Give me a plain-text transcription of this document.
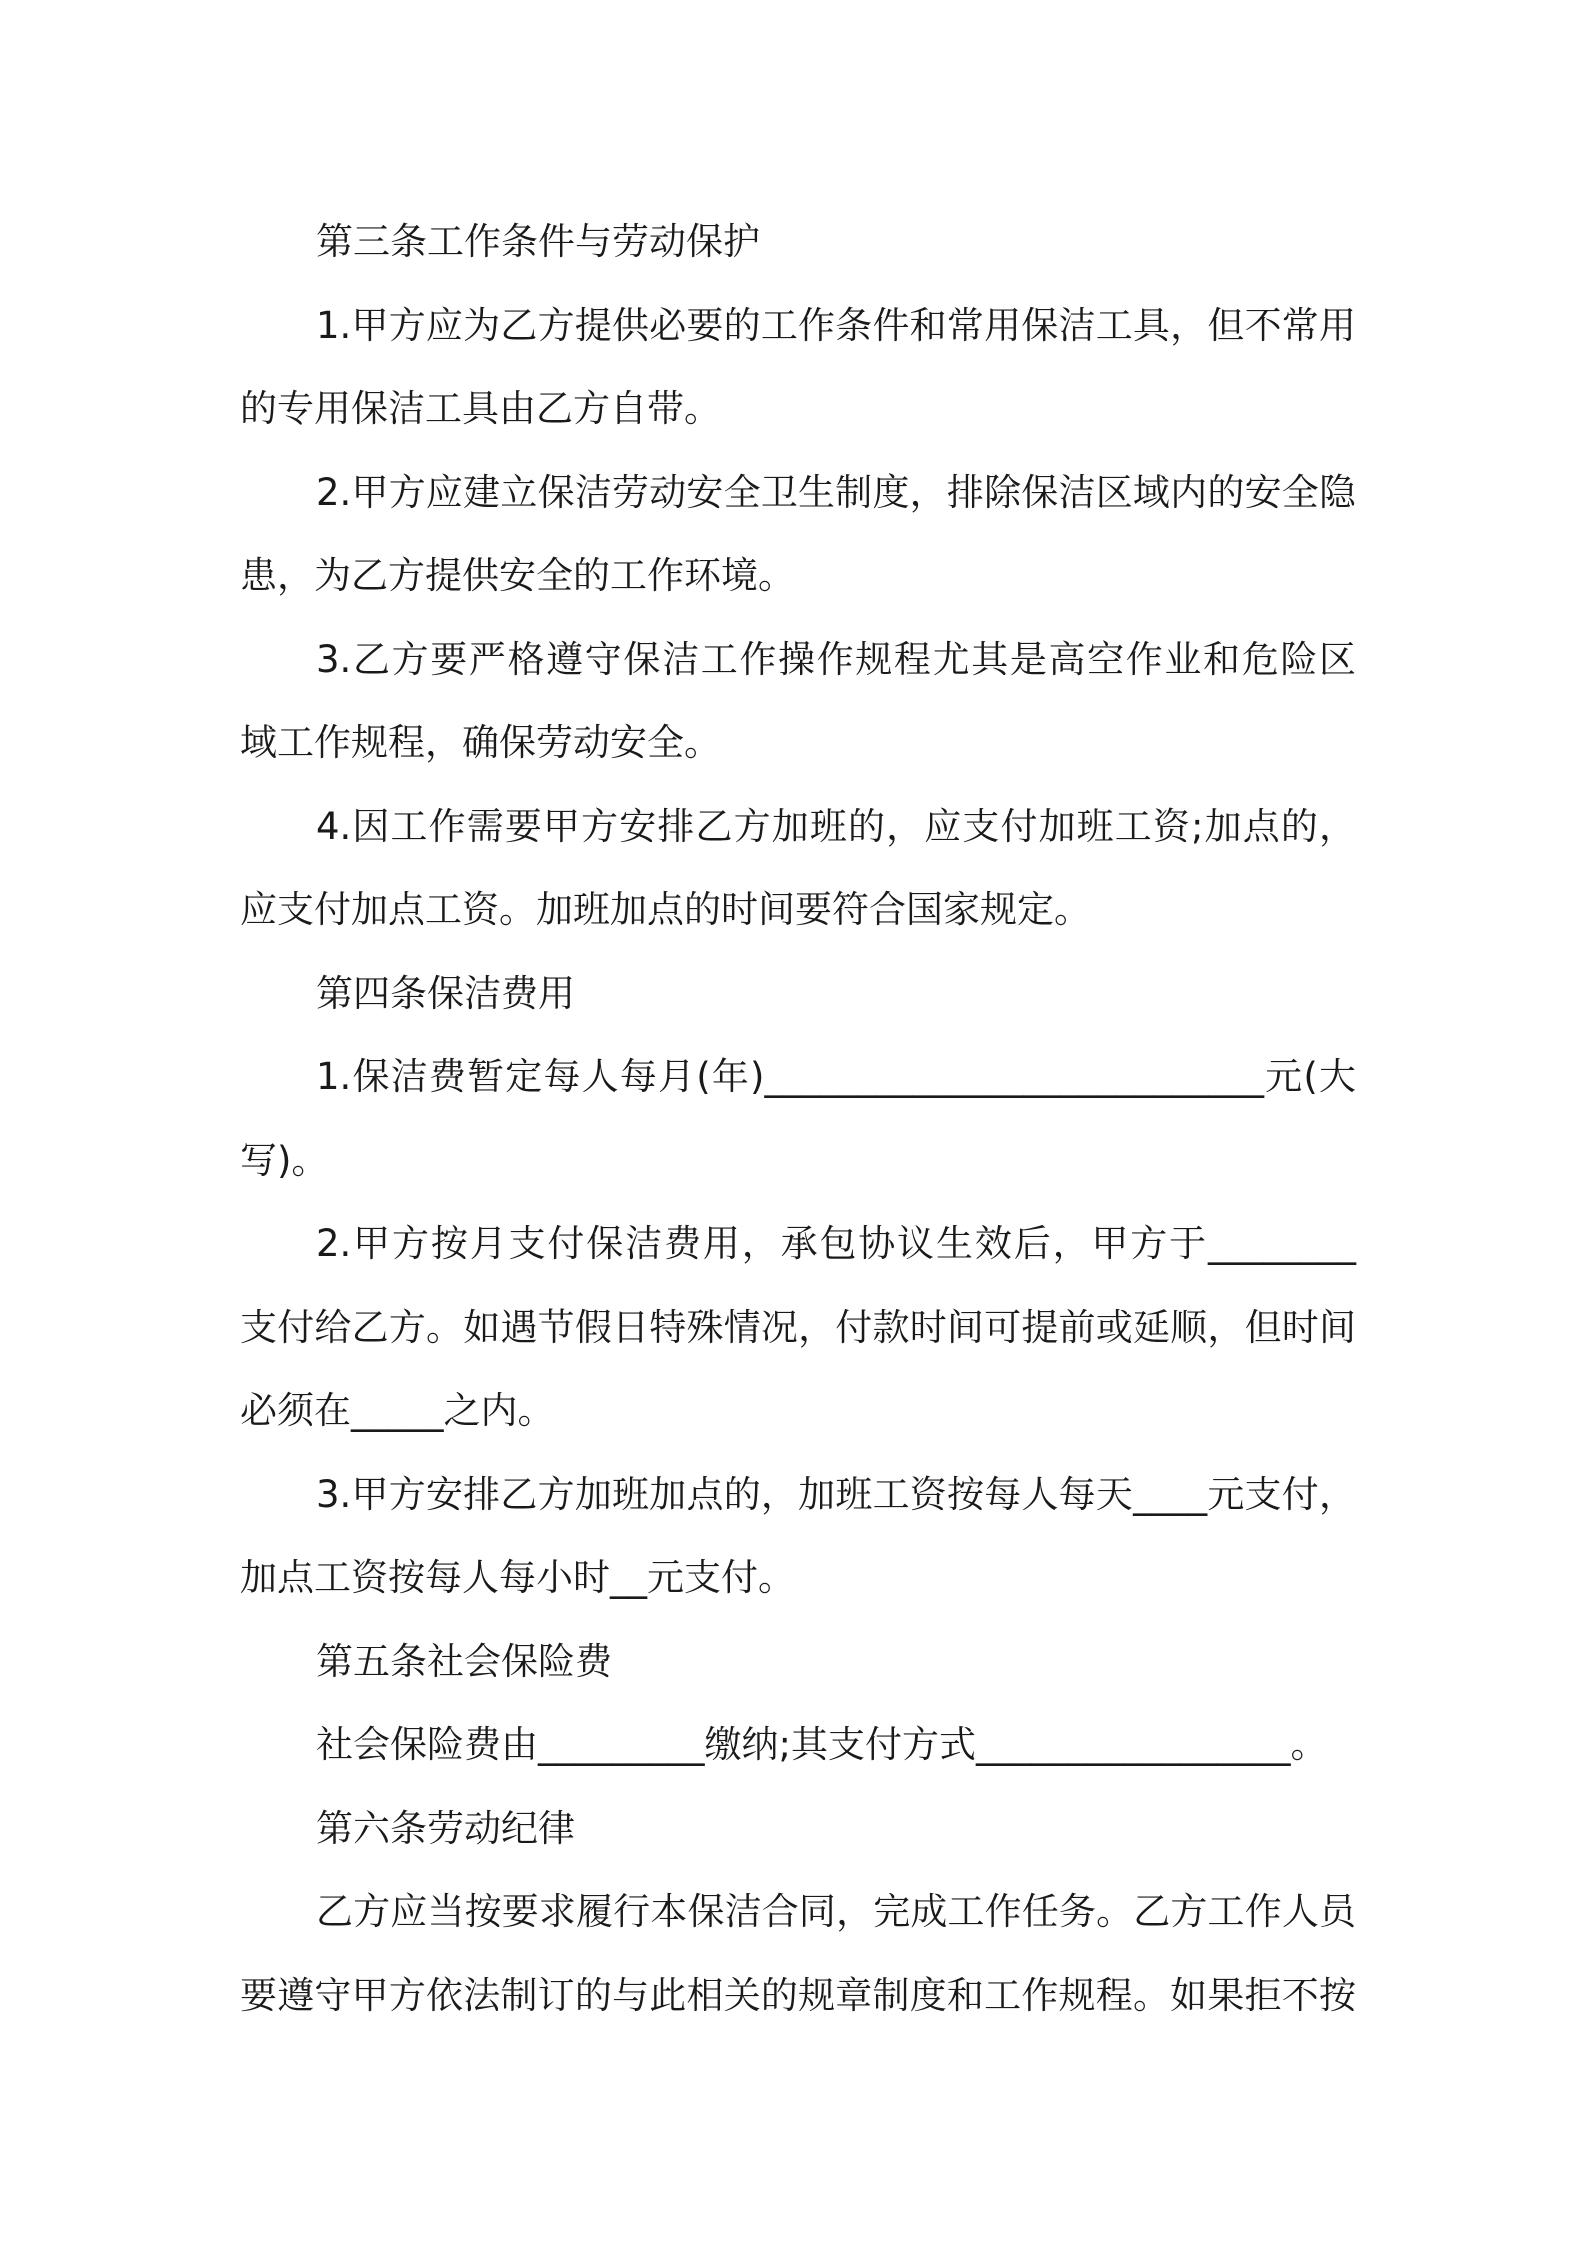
第三条工作条件与劳动保护
1.甲方应为乙方提供必要的工作条件和常用保洁工具，但不常用
的专用保洁工具由乙方自带。
2.甲方应建立保洁劳动安全卫生制度，排除保洁区域内的安全隐
患，为乙方提供安全的工作环境。
3.乙方要严格遵守保洁工作操作规程尤其是高空作业和危险区
域工作规程，确保劳动安全。
4.因工作需要甲方安排乙方加班的，应支付加班工资;加点的，
应支付加点工资。加班加点的时间要符合国家规定。
第四条保洁费用
1.保洁费暂定每人每月(年)___________________________元(大
写)。
2.甲方按月支付保洁费用，承包协议生效后，甲方于________
支付给乙方。如遇节假日特殊情况，付款时间可提前或延顺，但时间
必须在_____之内。
3.甲方安排乙方加班加点的，加班工资按每人每天____元支付，
加点工资按每人每小时__元支付。
第五条社会保险费
社会保险费由_________缴纳;其支付方式_________________。
第六条劳动纪律
乙方应当按要求履行本保洁合同，完成工作任务。乙方工作人员
要遵守甲方依法制订的与此相关的规章制度和工作规程。如果拒不按
